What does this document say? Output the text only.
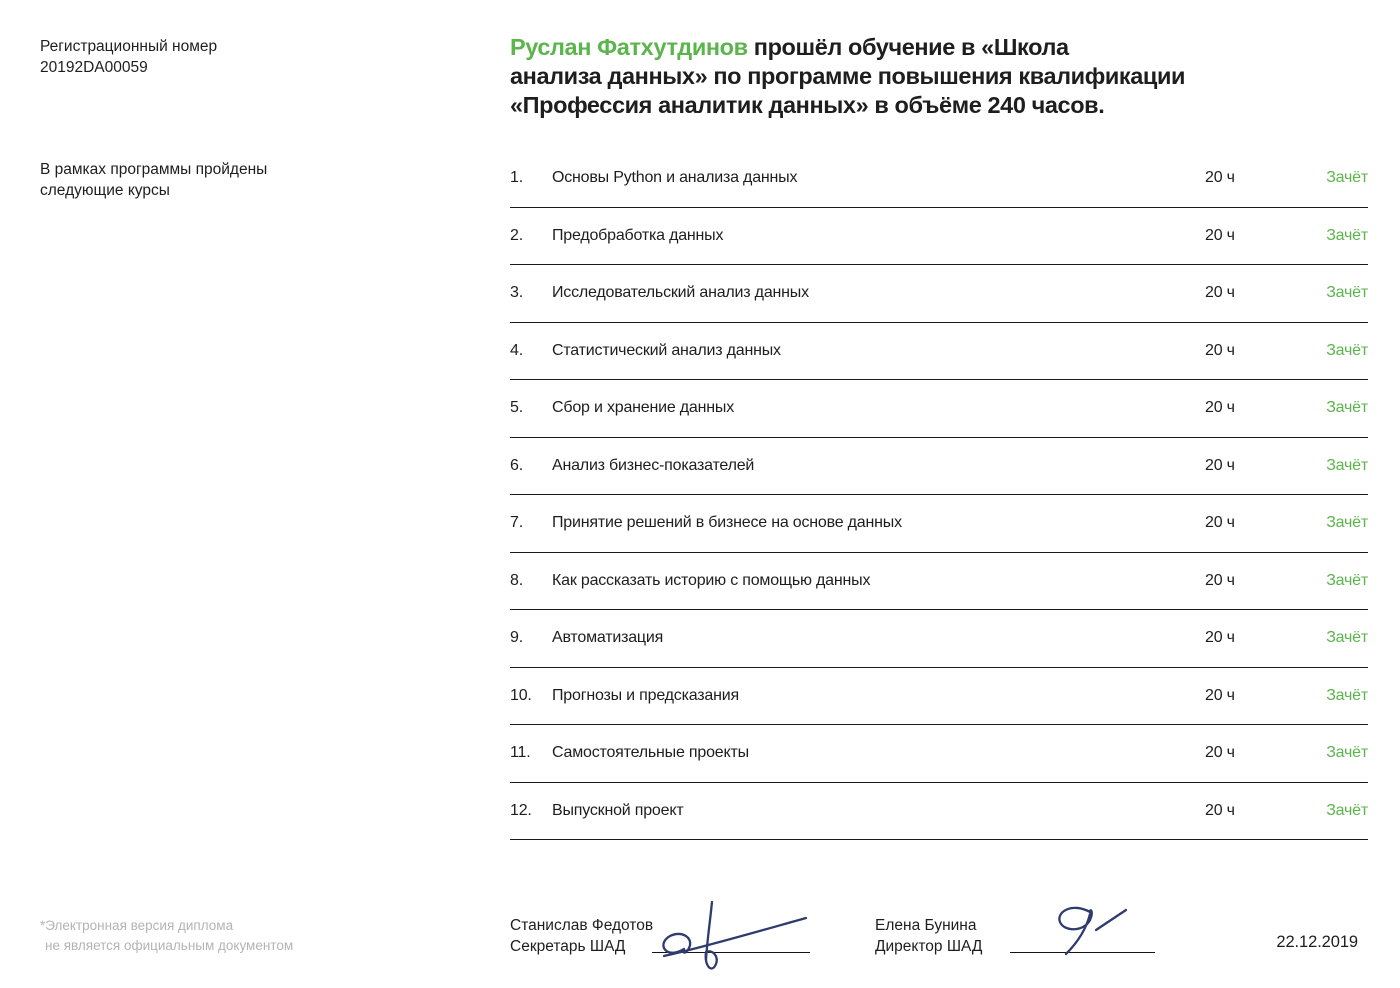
Регистрационный номер
20192DA00059
В рамках программы пройдены
следующие курсы
*Электронная версия диплома
не является официальным документом
Руслан Фатхутдинов прошёл обучение в «Школа
анализа данных» по программе повышения квалификации
«Профессия аналитик данных» в объёме 240 часов.
1.	Основы Python и анализа данных	20 ч	Зачёт
2.	Предобработка данных	20 ч	Зачёт
3.	Исследовательский анализ данных	20 ч	Зачёт
4.	Статистический анализ данных	20 ч	Зачёт
5.	Сбор и хранение данных	20 ч	Зачёт
6.	Анализ бизнес-показателей	20 ч	Зачёт
7.	Принятие решений в бизнесе на основе данных	20 ч	Зачёт
8.	Как рассказать историю с помощью данных	20 ч	Зачёт
9.	Автоматизация	20 ч	Зачёт
10.	Прогнозы и предсказания	20 ч	Зачёт
11.	Самостоятельные проекты	20 ч	Зачёт
12.	Выпускной проект	20 ч	Зачёт
Станислав Федотов
Секретарь ШАД
Елена Бунина
Директор ШАД	22.12.2019
